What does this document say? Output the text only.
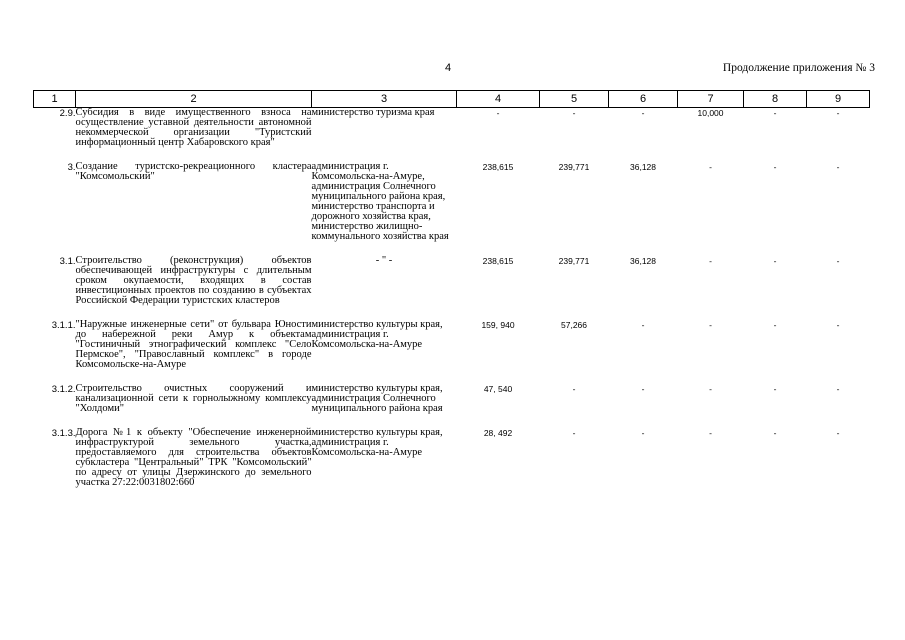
4	Продолжение приложения № 3
1	2	3	4	5	6	7	8	9
2.9.	Субсидия в виде имущественного взноса на осуществление уставной деятельности автономной некоммерческой организации "Туристский информационный центр Хабаровского края"	министерство туризма края	-	-	-	10,000	-	-

3.	Создание туристско-рекреационного кластера "Комсомольский"	администрация г. Комсомольска-на-Амуре, администрация Солнечного муниципального района края, министерство транспорта и дорожного хозяйства края, министерство жилищно-коммунального хозяйства края	238,615	239,771	36,128	-	-	-

3.1.	Строительство (реконструкция) объектов обеспечивающей инфраструктуры с длительным сроком окупаемости, входящих в состав инвестиционных проектов по созданию в субъектах Российской Федерации туристских кластеров	- " -	238,615	239,771	36,128	-	-	-

3.1.1.	"Наружные инженерные сети" от бульвара Юности до набережной реки Амур к объектам "Гостиничный этнографический комплекс "Село Пермское", "Православный комплекс" в городе Комсомольске-на-Амуре	министерство культуры края, администрация г. Комсомольска-на-Амуре	159, 940	57,266	-	-	-	-

3.1.2.	Строительство очистных сооружений и канализационной сети к горнолыжному комплексу "Холдоми"	министерство культуры края, администрация Солнечного муниципального района края	47, 540	-	-	-	-	-

3.1.3.	Дорога №1 к объекту "Обеспечение инженерной инфраструктурой земельного участка, предоставляемого для строительства объектов субкластера "Центральный" ТРК "Комсомольский" по адресу от улицы Дзержинского до земельного участка 27:22:0031802:660	министерство культуры края, администрация г. Комсомольска-на-Амуре	28, 492	-	-	-	-	-
